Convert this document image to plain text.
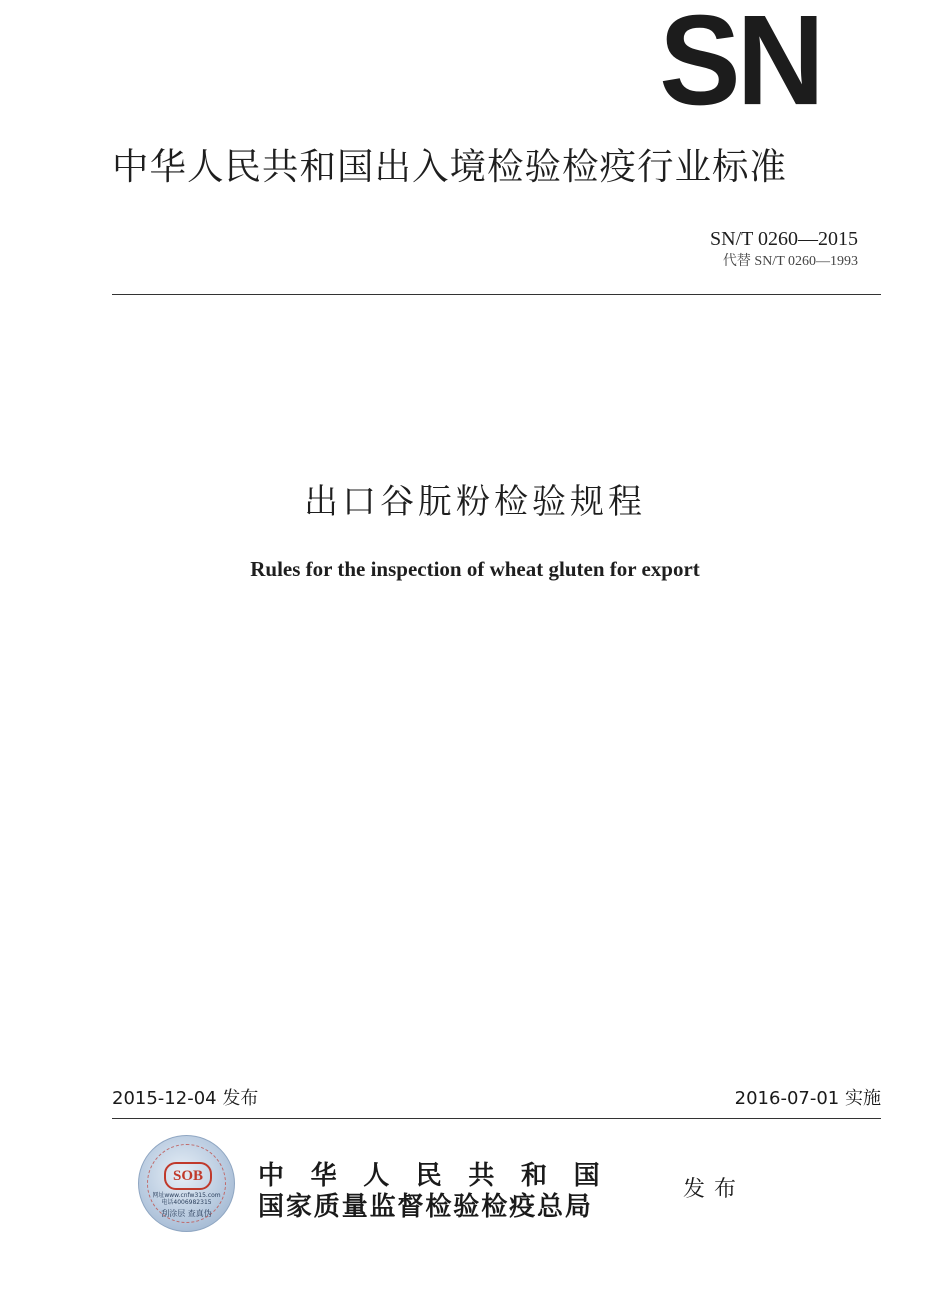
SN
中华人民共和国出入境检验检疫行业标准
SN/T 0260—2015
代替 SN/T 0260—1993
出口谷朊粉检验规程
Rules for the inspection of wheat gluten for export
2015-12-04 发布	2016-07-01 实施
SOB
网址www.cnfw315.com
电话4006982315
刮涂层 查真伪
中华人民共和国
国家质量监督检验检疫总局
发布
